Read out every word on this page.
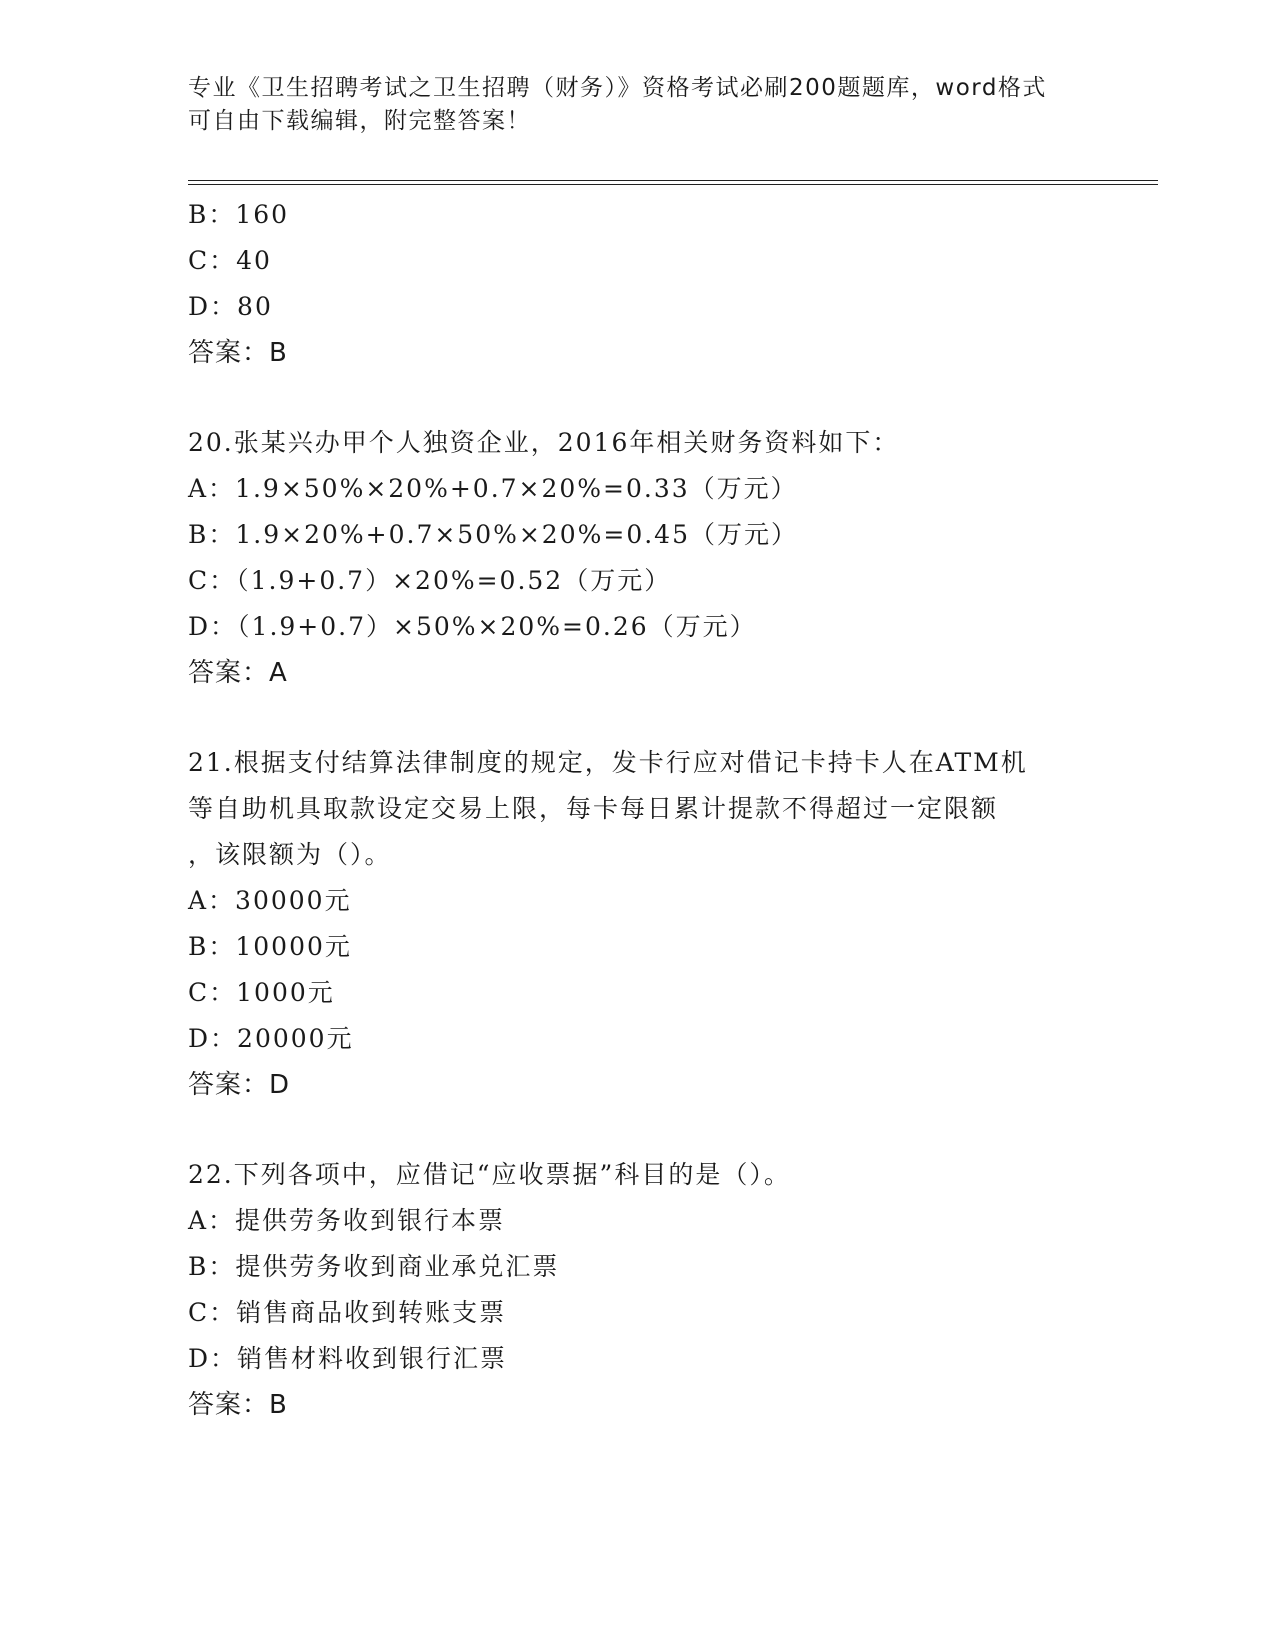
专业《卫生招聘考试之卫生招聘（财务）》资格考试必刷200题题库，word格式
可自由下载编辑，附完整答案！
B：160
C：40
D：80
答案：B
20.张某兴办甲个人独资企业，2016年相关财务资料如下：
A：1.9×50%×20%+0.7×20%=0.33（万元）
B：1.9×20%+0.7×50%×20%=0.45（万元）
C：（1.9+0.7）×20%=0.52（万元）
D：（1.9+0.7）×50%×20%=0.26（万元）
答案：A
21.根据支付结算法律制度的规定，发卡行应对借记卡持卡人在ATM机
等自助机具取款设定交易上限，每卡每日累计提款不得超过一定限额
，该限额为（）。
A：30000元
B：10000元
C：1000元
D：20000元
答案：D
22.下列各项中，应借记“应收票据”科目的是（）。
A：提供劳务收到银行本票
B：提供劳务收到商业承兑汇票
C：销售商品收到转账支票
D：销售材料收到银行汇票
答案：B
